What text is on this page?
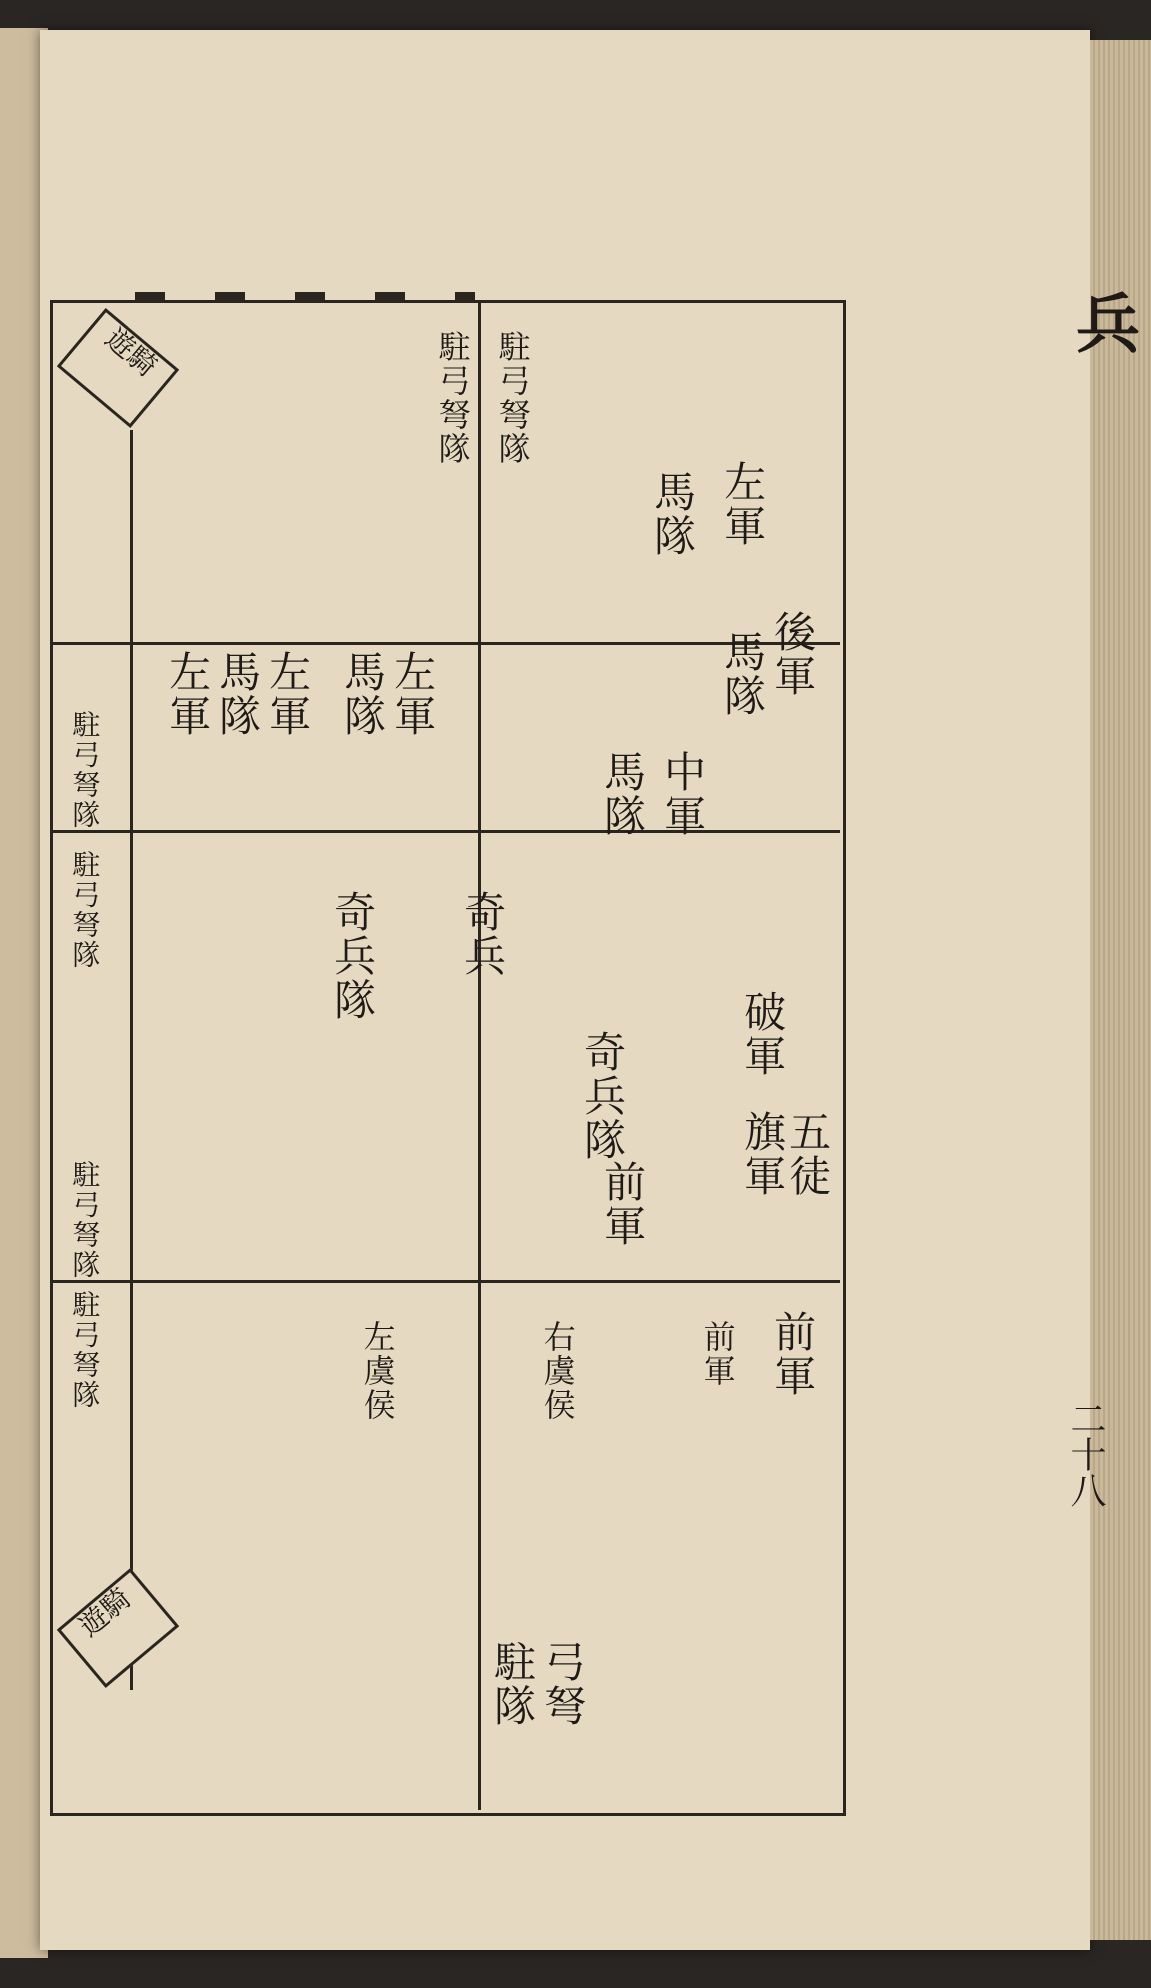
遊騎
遊騎
駐弓弩隊
駐弓弩隊
駐弓弩隊
駐弓弩隊
駐弓弩隊 駐弓弩隊
左軍
馬隊
後軍
馬隊
中軍
馬隊
左軍
馬隊
左軍
馬隊
左軍
奇兵隊 奇兵
奇兵隊	旗軍
五徒
破軍
前軍
前軍
前軍
右虞侯
左虞侯
弓弩
駐隊
兵
二十八
